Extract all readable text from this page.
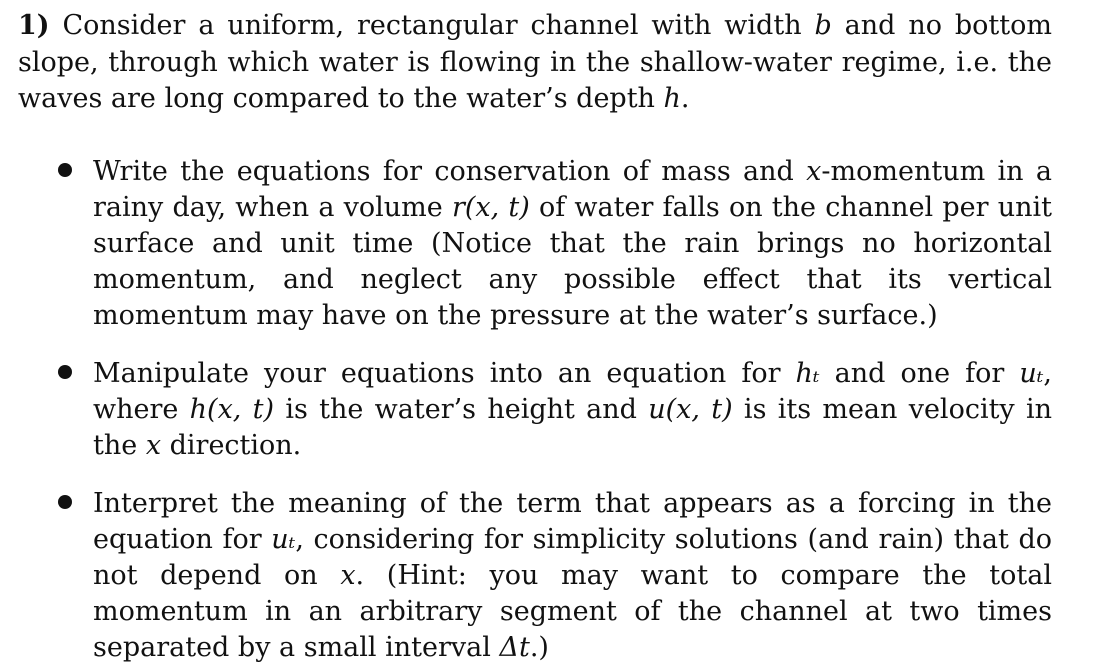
1) Consider a uniform, rectangular channel with width b and no bottom slope, through which water is flowing in the shallow-water regime, i.e. the waves are long compared to the water’s depth h.

Write the equations for conservation of mass and x-momentum in a rainy day, when a volume r(x, t) of water falls on the channel per unit surface and unit time (Notice that the rain brings no horizontal momentum, and neglect any possible effect that its vertical momentum may have on the pressure at the water’s surface.)
Manipulate your equations into an equation for hₜ and one for uₜ, where h(x, t) is the water’s height and u(x, t) is its mean velocity in the x direction.
Interpret the meaning of the term that appears as a forcing in the equation for uₜ, considering for simplicity solutions (and rain) that do not depend on x. (Hint: you may want to compare the total momentum in an arbitrary segment of the channel at two times separated by a small interval Δt.)
